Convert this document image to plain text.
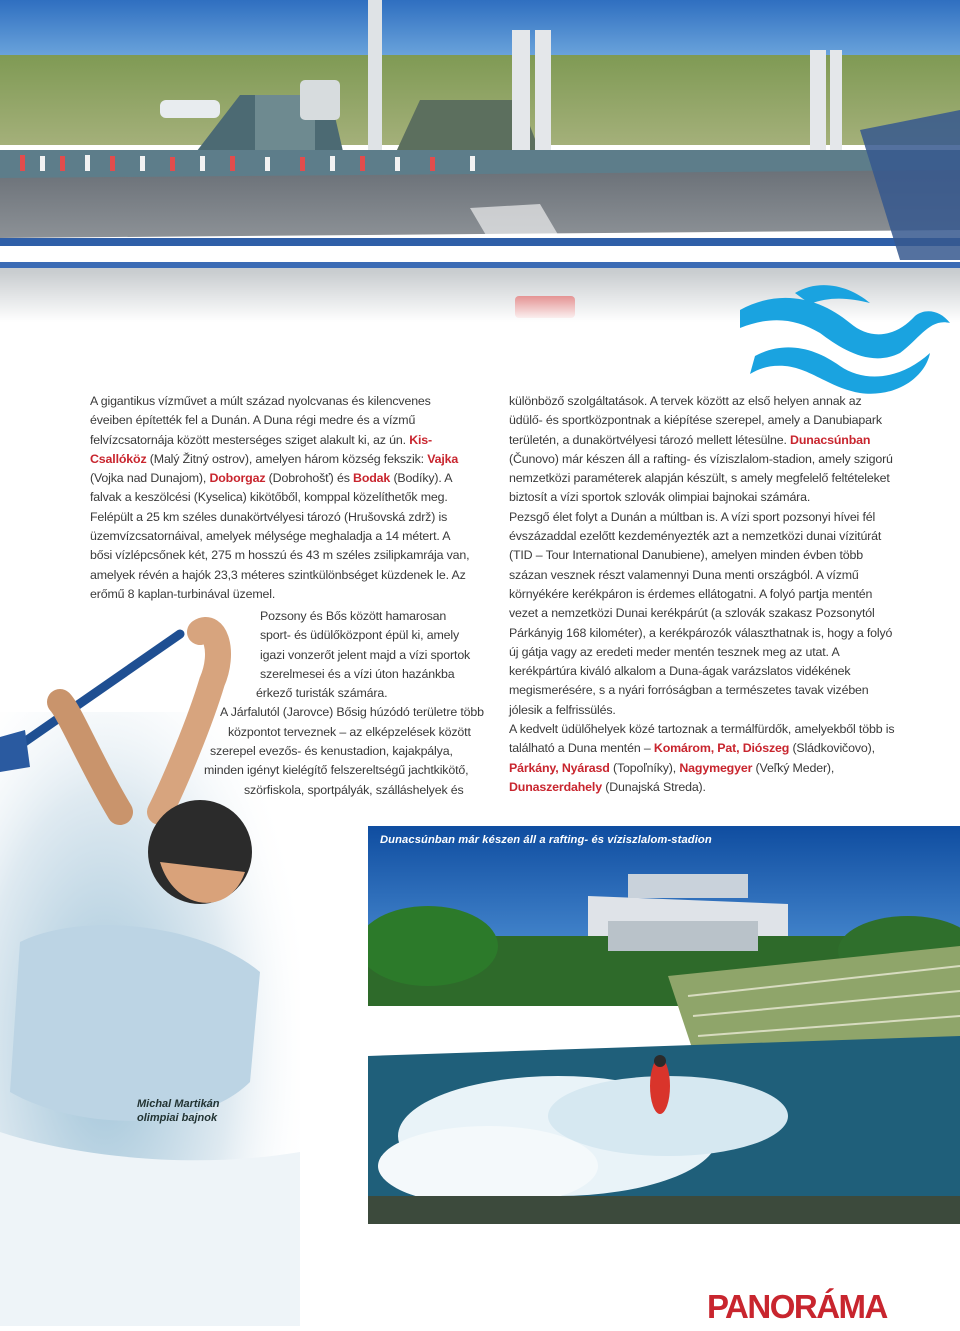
A gigantikus vízművet a múlt század nyolcvanas és kilencvenes éveiben építették fel a Dunán. A Duna régi medre és a vízmű felvízcsatornája között mesterséges sziget alakult ki, az ún. Kis-Csallóköz (Malý Žitný ostrov), amelyen három község fekszik: Vajka (Vojka nad Dunajom), Doborgaz (Dobrohošť) és Bodak (Bodíky). A falvak a keszölcési (Kyselica) kikötőből, komppal közelíthetők meg. Felépült a 25 km széles dunakörtvélyesi tározó (Hrušovská zdrž) is üzemvízcsatornáival, amelyek mélysége meghaladja a 14 métert. A bősi vízlépcsőnek két, 275 m hosszú és 43 m széles zsilipkamrája van, amelyek révén a hajók 23,3 méteres szintkülönbséget küzdenek le. Az erőmű 8 kaplan-turbinával üzemel.

Pozsony és Bős között hamarosan
sport- és üdülőközpont épül ki, amely
igazi vonzerőt jelent majd a vízi sportok
szerelmesei és a vízi úton hazánkba
érkező turisták számára.
A Járfalutól (Jarovce) Bősig húzódó területre több
központot terveznek – az elképzelések között
szerepel evezős- és kenustadion, kajakpálya,
minden igényt kielégítő felszereltségű jachtkikötő,
szörfiskola, sportpályák, szálláshelyek és

különböző szolgáltatások. A tervek között az első helyen annak az üdülő- és sportközpontnak a kiépítése szerepel, amely a Danubiapark területén, a dunakörtvélyesi tározó mellett létesülne. Dunacsúnban (Čunovo) már készen áll a rafting- és víziszlalom-stadion, amely szigorú nemzetközi paraméterek alapján készült, s amely megfelelő feltételeket biztosít a vízi sportok szlovák olimpiai bajnokai számára.

Pezsgő élet folyt a Dunán a múltban is. A vízi sport pozsonyi hívei fél évszázaddal ezelőtt kezdeményezték azt a nemzetközi dunai vízitúrát (TID – Tour International Danubiene), amelyen minden évben több százan vesznek részt valamennyi Duna menti országból. A vízmű környékére kerékpáron is érdemes ellátogatni. A folyó partja mentén vezet a nemzetközi Dunai kerékpárút (a szlovák szakasz Pozsonytól Párkányig 168 kilométer), a kerékpározók választhatnak is, hogy a folyó új gátja vagy az eredeti meder mentén tesznek meg az utat. A kerékpártúra kiváló alkalom a Duna-ágak varázslatos vidékének megismerésére, s a nyári forróságban a természetes tavak vizében jólesik a felfrissülés.

A kedvelt üdülőhelyek közé tartoznak a termálfürdők, amelyekből több is található a Duna mentén – Komárom, Pat, Diószeg (Sládkovičovo), Párkány, Nyárasd (Topoľníky), Nagymegyer (Veľký Meder), Dunaszerdahely (Dunajská Streda).

Dunacsúnban már készen áll a rafting- és víziszlalom-stadion
Michal Martikán
olimpiai bajnok
PANORÁMA
